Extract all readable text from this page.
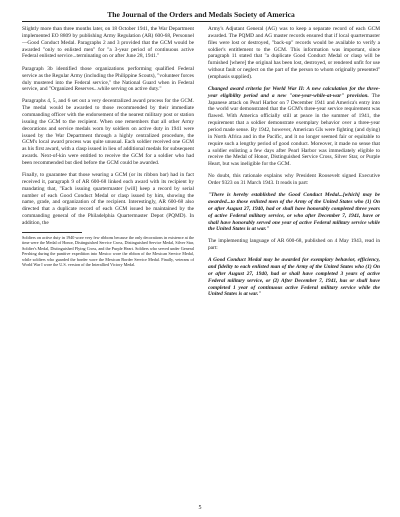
The Journal of the Orders and Medals Society of America

Slightly more than three months later, on 18 October 1941, the War Department implemented EO 8809 by publishing Army Regulation (AR) 600-68, Personnel—Good Conduct Medal. Paragraphs 2 and 3 provided that the GCM would be awarded "only to enlisted men" for "a 3-year period of continuous active Federal enlisted service...terminating on or after June 28, 1941."

Paragraph 3b identified those organizations performing qualified Federal service as the Regular Army (including the Philippine Scouts), "volunteer forces duly mustered into the Federal service," the National Guard when in Federal service, and "Organized Reserves...while serving on active duty."

Paragraphs 4, 5, and 6 set out a very decentralized award process for the GCM. The medal would be awarded to those recommended by their immediate commanding officer with the endorsement of the nearest military post or station issuing the GCM to the recipient. When one remembers that all other Army decorations and service medals worn by soldiers on active duty in 1941 were issued by the War Department through a highly centralized procedure, the GCM's local award process was quite unusual. Each soldier received one GCM as his first award, with a clasp issued in lieu of additional medals for subsequent awards. Next-of-kin were entitled to receive the GCM for a soldier who had been recommended but died before the GCM could be awarded.

Finally, to guarantee that those wearing a GCM (or its ribbon bar) had in fact received it, paragraph 9 of AR 600-68 linked each award with its recipient by mandating that, "Each issuing quartermaster [will] keep a record by serial number of each Good Conduct Medal or clasp issued by him, showing the name, grade, and organization of the recipient. Interestingly, AR 600-68 also directed that a duplicate record of each GCM issued be maintained by the commanding general of the Philadelphia Quartermaster Depot (PQMD). In addition, the

Soldiers on active duty in 1940 wore very few ribbons because the only decorations in existence at the time were the Medal of Honor, Distinguished Service Cross, Distinguished Service Medal, Silver Star, Soldier's Medal, Distinguished Flying Cross, and the Purple Heart. Soldiers who served under General Pershing during the punitive expedition into Mexico wore the ribbon of the Mexican Service Medal, while soldiers who guarded the border wore the Mexican Border Service Medal. Finally, veterans of World War I wore the U.S. version of the Interallied Victory Medal.

Army's Adjutant General (AG) was to keep a separate record of each GCM awarded. The PQMD and AG master records ensured that if local quartermaster files were lost or destroyed, "back-up" records would be available to verify a soldier's entitlement to the GCM. This information was important, since paragraph 11 stated that "a duplicate Good Conduct Medal or clasp will be furnished [where] the original has been lost, destroyed, or rendered unfit for use without fault or neglect on the part of the person to whom originally presented" (emphasis supplied).

Changed award criteria for World War II: A new calculation for the three-year eligibility period and a new "one-year-while-at-war" provision. The Japanese attack on Pearl Harbor on 7 December 1941 and America's entry into the world war demonstrated that the GCM's three-year service requirement was flawed. With America officially still at peace in the summer of 1941, the requirement that a soldier demonstrate exemplary behavior over a three-year period made sense. By 1942, however, American GIs were fighting (and dying) in North Africa and in the Pacific, and it no longer seemed fair or equitable to require such a lengthy period of good conduct. Moreover, it made no sense that a soldier enlisting a few days after Pearl Harbor was immediately eligible to receive the Medal of Honor, Distinguished Service Cross, Silver Star, or Purple Heart, but was ineligible for the GCM.

No doubt, this rationale explains why President Roosevelt signed Executive Order 9323 on 31 March 1943. It reads in part:

"There is hereby established the Good Conduct Medal...[which] may be awarded...to those enlisted men of the Army of the United States who (1) On or after August 27, 1940, had or shall have honorably completed three years of active Federal military service, or who after December 7, 1941, have or shall have honorably served one year of active Federal military service while the United States is at war."

The implementing language of AR 600-68, published on 4 May 1943, read in part:

A Good Conduct Medal may be awarded for exemplary behavior, efficiency, and fidelity to each enlisted man of the Army of the United States who (1) On or after August 27, 1940, had or shall have completed 3 years of active Federal military service, or (2) After December 7, 1941, has or shall have completed 1 year of continuous active Federal military service while the United States is at war."

5
